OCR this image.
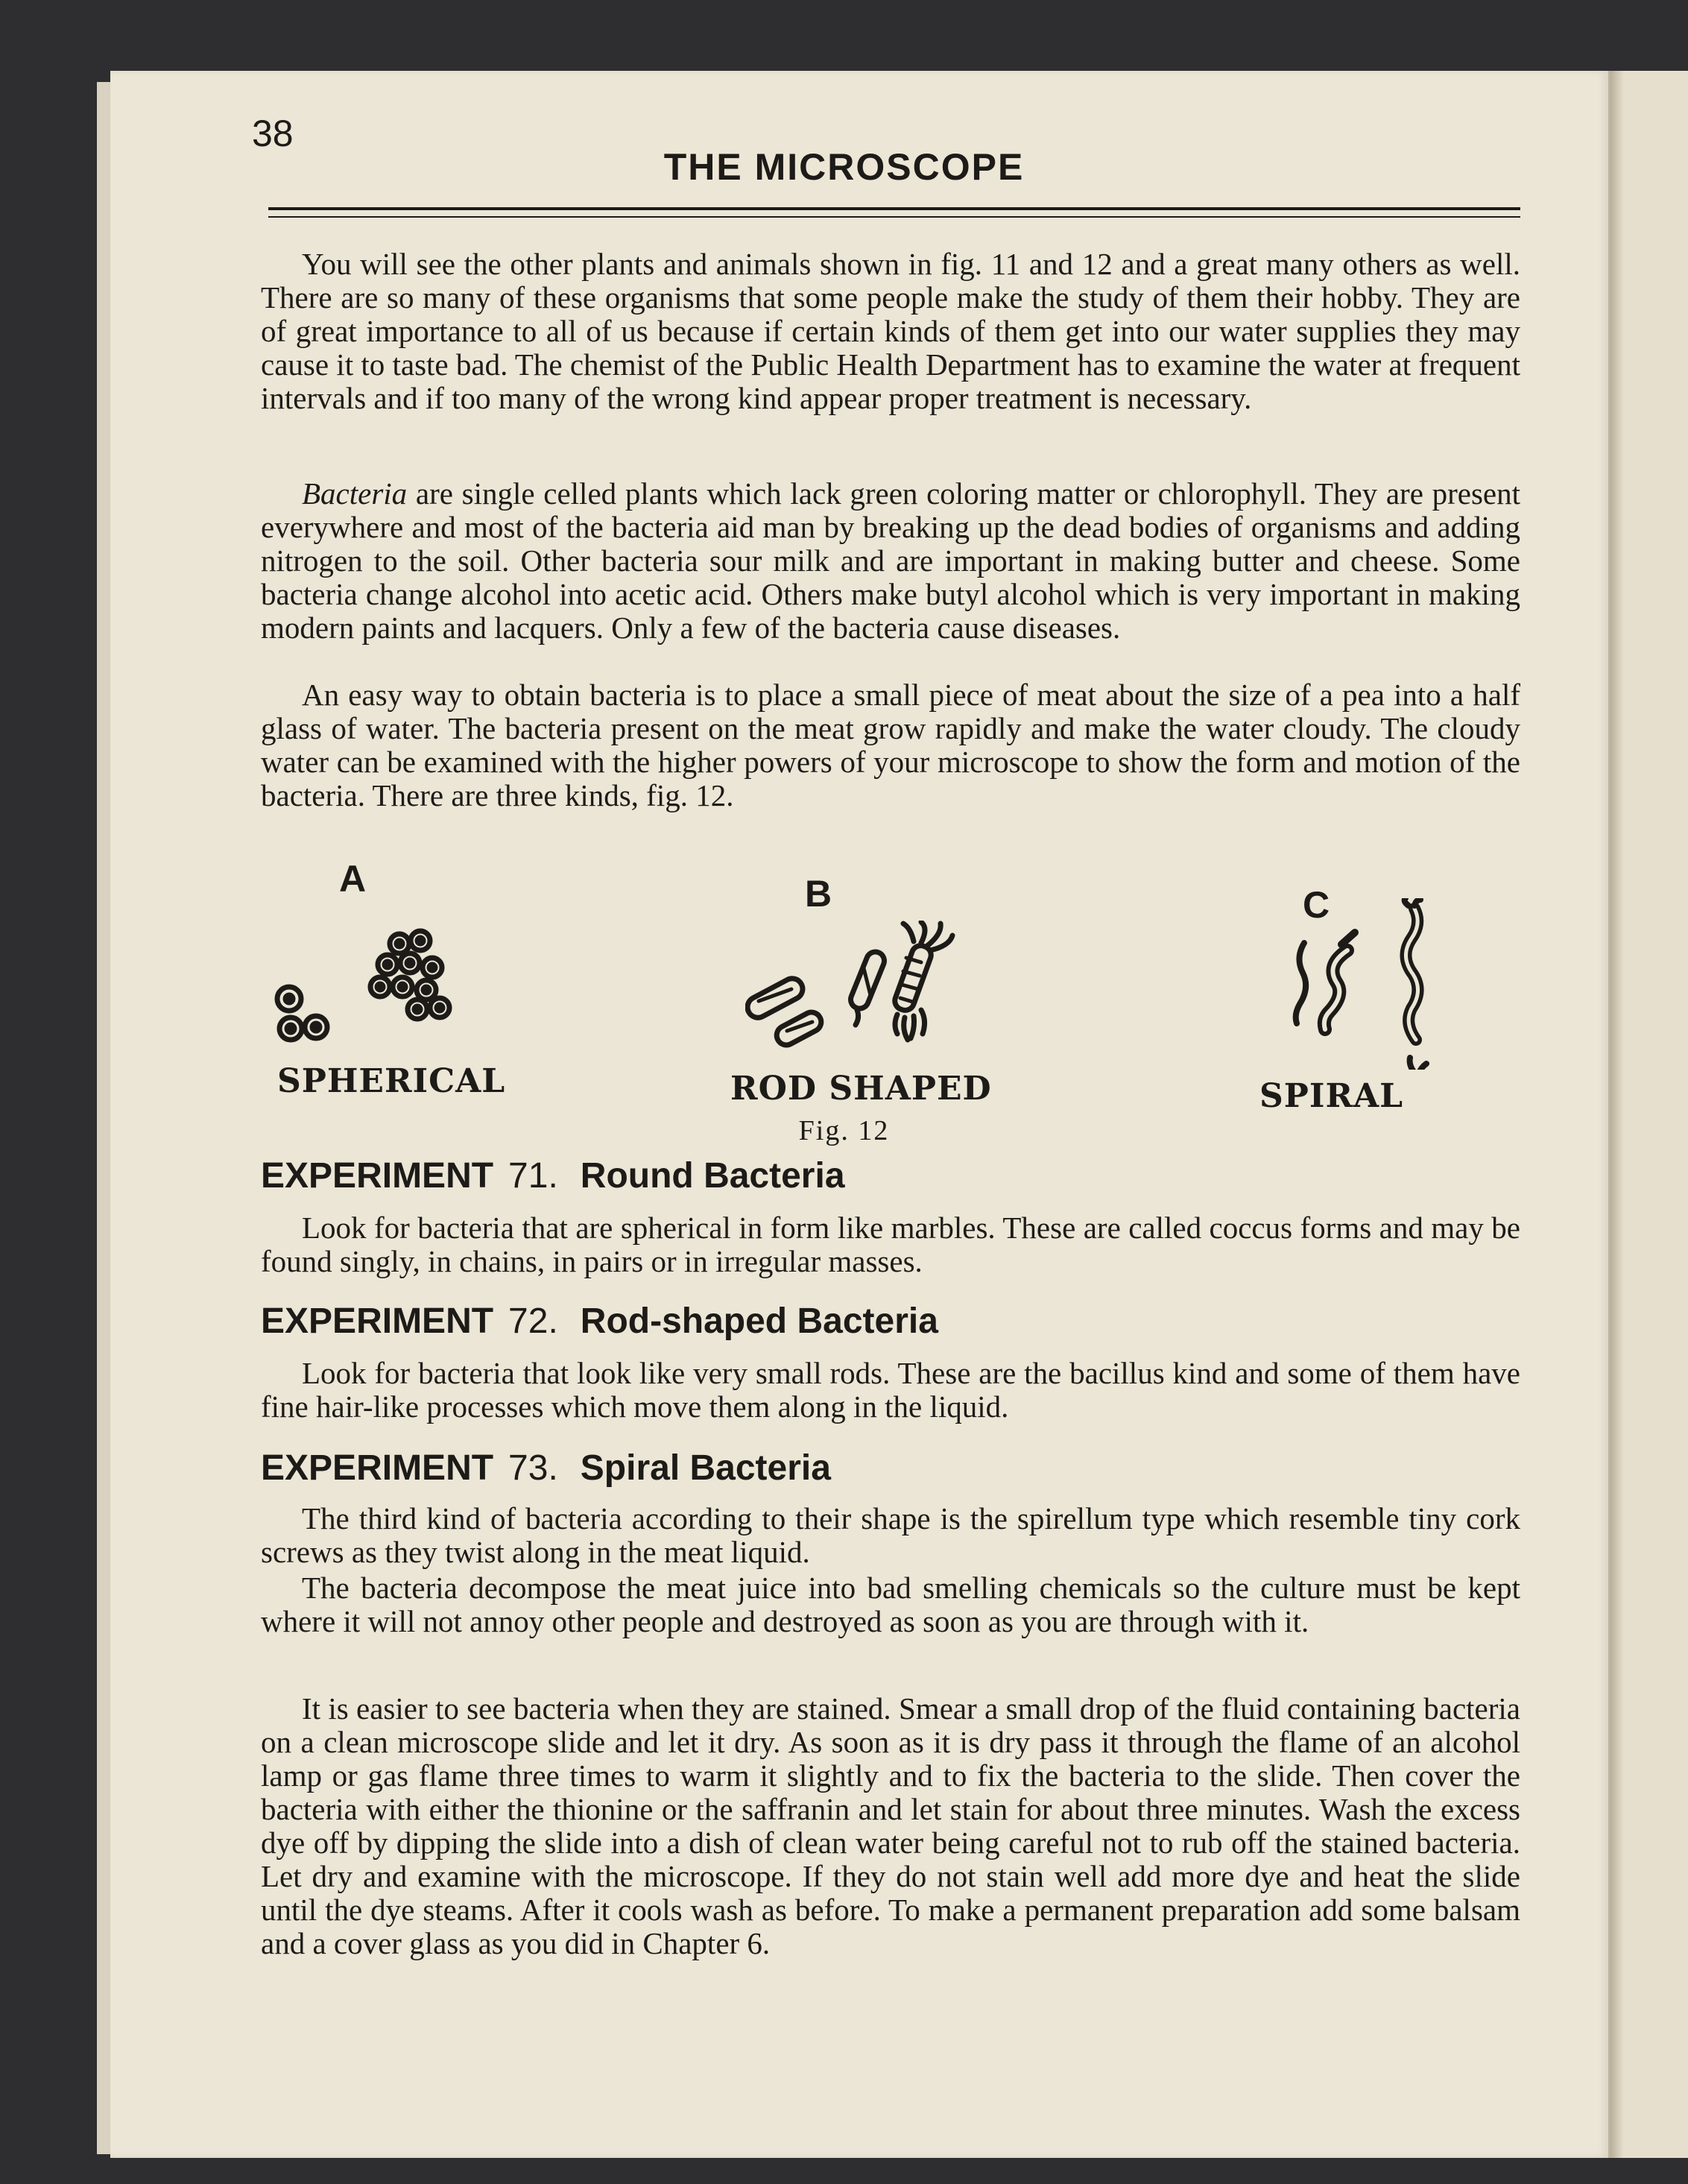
38
THE MICROSCOPE

You will see the other plants and animals shown in fig. 11 and 12 and a great many others as well. There are so many of these organisms that some people make the study of them their hobby. They are of great importance to all of us because if certain kinds of them get into our water supplies they may cause it to taste bad. The chemist of the Public Health Department has to examine the water at frequent intervals and if too many of the wrong kind appear proper treatment is necessary.

Bacteria are single celled plants which lack green coloring matter or chlorophyll. They are present everywhere and most of the bacteria aid man by breaking up the dead bodies of organisms and adding nitrogen to the soil. Other bacteria sour milk and are important in making butter and cheese. Some bacteria change alcohol into acetic acid. Others make butyl alcohol which is very important in making modern paints and lacquers. Only a few of the bacteria cause diseases.

An easy way to obtain bacteria is to place a small piece of meat about the size of a pea into a half glass of water. The bacteria present on the meat grow rapidly and make the water cloudy. The cloudy water can be examined with the higher powers of your microscope to show the form and motion of the bacteria. There are three kinds, fig. 12.

A	B	C
SPHERICAL	ROD SHAPED	SPIRAL
Fig. 12
EXPERIMENT 71. Round Bacteria

Look for bacteria that are spherical in form like marbles. These are called coccus forms and may be found singly, in chains, in pairs or in irregular masses.

EXPERIMENT 72. Rod-shaped Bacteria

Look for bacteria that look like very small rods. These are the bacillus kind and some of them have fine hair-like processes which move them along in the liquid.

EXPERIMENT 73. Spiral Bacteria

The third kind of bacteria according to their shape is the spirellum type which resemble tiny cork screws as they twist along in the meat liquid.

The bacteria decompose the meat juice into bad smelling chemicals so the culture must be kept where it will not annoy other people and destroyed as soon as you are through with it.

It is easier to see bacteria when they are stained. Smear a small drop of the fluid containing bacteria on a clean microscope slide and let it dry. As soon as it is dry pass it through the flame of an alcohol lamp or gas flame three times to warm it slightly and to fix the bacteria to the slide. Then cover the bacteria with either the thionine or the saffranin and let stain for about three minutes. Wash the excess dye off by dipping the slide into a dish of clean water being careful not to rub off the stained bacteria. Let dry and examine with the microscope. If they do not stain well add more dye and heat the slide until the dye steams. After it cools wash as before. To make a permanent preparation add some balsam and a cover glass as you did in Chapter 6.
